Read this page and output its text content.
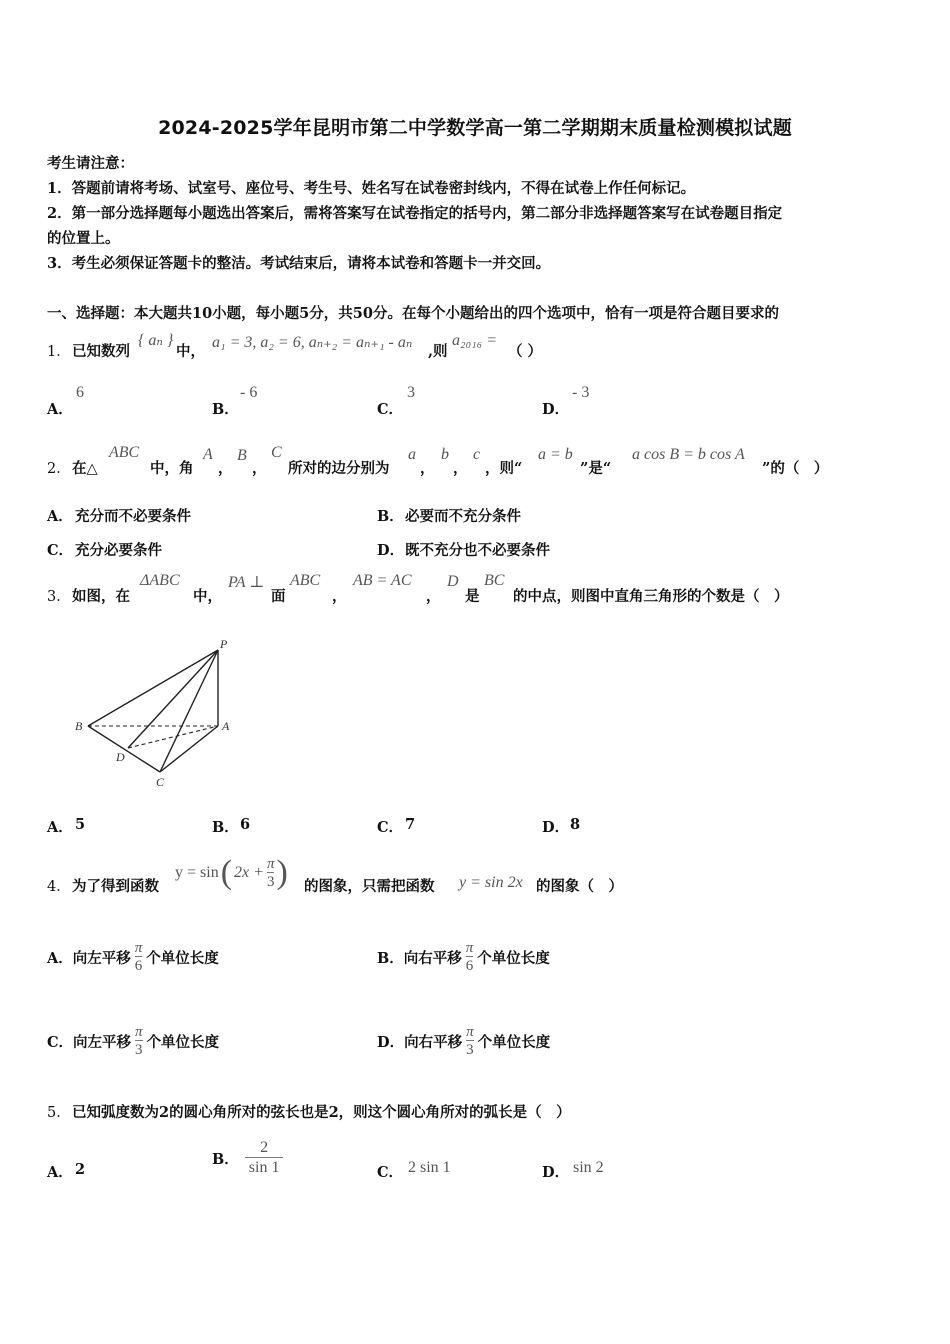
2024-2025学年昆明市第二中学数学高一第二学期期末质量检测模拟试题
考生请注意：
1．答题前请将考场、试室号、座位号、考生号、姓名写在试卷密封线内，不得在试卷上作任何标记。
2．第一部分选择题每小题选出答案后，需将答案写在试卷指定的括号内，第二部分非选择题答案写在试卷题目指定
的位置上。
3．考生必须保证答题卡的整洁。考试结束后，请将本试卷和答题卡一并交回。
一、选择题：本大题共10小题，每小题5分，共50分。在每个小题给出的四个选项中，恰有一项是符合题目要求的
1． 已知数列
{ aₙ }
中，
a₁ = 3, a₂ = 6, aₙ₊₂ = aₙ₊₁ - aₙ
,则
a₂₀₁₆ =
（ ）
A．
6
B．
- 6
C．
3
D．
- 3
2． 在△
ABC
中，角
A
，
B
，
C
所对的边分别为
a
，
b
，
c
，则“
a = b
”是“
a cos B = b cos A
”的（　）
A． 充分而不必要条件	B． 必要而不充分条件
C． 充分必要条件	D． 既不充分也不必要条件
3． 如图，在
ΔABC
中，
PA ⊥
面
ABC
，
AB = AC
，
D
是
BC
的中点，则图中直角三角形的个数是（　）
P
A
B
D
C
A． 5	B． 6	C． 7	D． 8
4． 为了得到函数
y = sin ( $2x + \frac{\pi}{3}$ ) 的图象，只需把函数 y = sin 2x 的图象（　）
A． 向左平移 $\frac{\pi}{6}$ 个单位长度	B． 向右平移 $\frac{\pi}{6}$ 个单位长度
C． 向左平移 $\frac{\pi}{3}$ 个单位长度	D． 向右平移 $\frac{\pi}{3}$ 个单位长度
5． 已知弧度数为2的圆心角所对的弦长也是2，则这个圆心角所对的弧长是（　）
A． 2
B． $\frac{2}{\sin 1}$	C． 2 sin 1	D． sin 2
